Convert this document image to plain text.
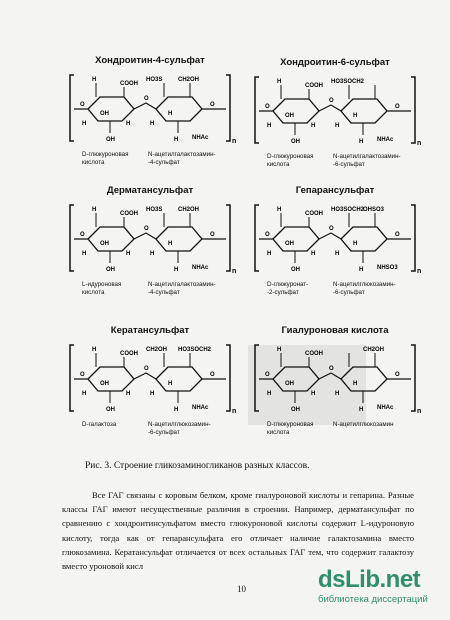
Хондроитин-4-сульфат
n
O
O	O
H
COOH
OH
OH
H	H
H
H
H
HO3S	CH2OH
NHAc
D-глюкуроновая
кислота
N-ацетилгалактозамин-
-4-сульфат
Хондроитин-6-сульфат
n
O
O	O
H
COOH
OH
OH
H	H
H
H
H
HO3SOCH2
NHAc
D-глюкуроновая
кислота
N-ацетилгалактозамин-
-6-сульфат
Дерматансульфат
n
O
O	O
H
COOH
OH
OH
H	H
H
H
H
HO3S	CH2OH
NHAc
L-идуроновая
кислота
N-ацетилгалактозамин-
-4-сульфат
Гепарансульфат
n
O
O	O
H
COOH
OH
OH
H	H
H
H
H
HO3SOCH2
OHSO3
NHSO3
D-глюкуронат-
-2-сульфат
N-ацетилглюкозамин-
-6-сульфат
Кератансульфат
n
O
O	O
H
COOH
OH
OH
H	H
H
H
H
CH2OH HO3SOCH2
NHAc
D-галактоза	N-ацетилглюкозамин-
-6-сульфат
Гиалуроновая кислота
n
O
O	O
H
COOH
OH
OH
H	H
H
H
H
CH2OH
NHAc
D-глюкуроновая
кислота
N-ацетилглюкозамин
Рис. 3. Строение гликозаминогликанов разных классов.

Все ГАГ связаны с коровым белком, кроме гиалуроновой кислоты и гепарина. Разные классы ГАГ имеют несущественные различия в строении. Например, дерматансульфат по сравнению с хондроитинсульфатом вместо глюкуроновой кислоты содержит L-идуроновую кислоту, тогда как от гепарансульфата его отличает наличие галактозамина вместо глюкозамина. Кератансульфат отличается от всех остальных ГАГ тем, что содержит галактозу вместо уроновой кисл

10	dsLib.net
библиотека диссертаций
